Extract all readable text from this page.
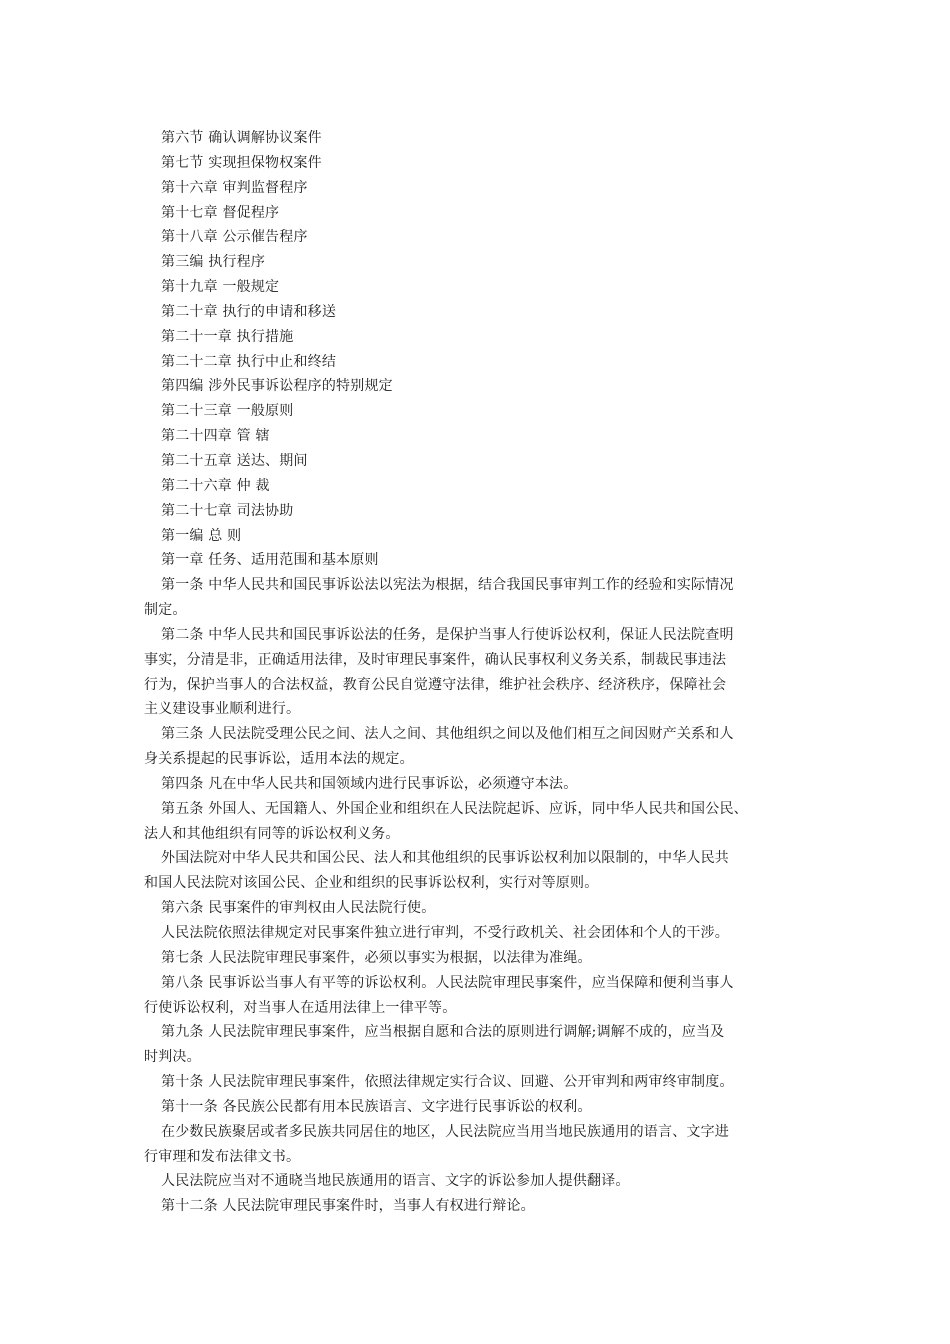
第六节 确认调解协议案件
第七节 实现担保物权案件
第十六章 审判监督程序
第十七章 督促程序
第十八章 公示催告程序
第三编 执行程序
第十九章 一般规定
第二十章 执行的申请和移送
第二十一章 执行措施
第二十二章 执行中止和终结
第四编 涉外民事诉讼程序的特别规定
第二十三章 一般原则
第二十四章 管 辖
第二十五章 送达、期间
第二十六章 仲 裁
第二十七章 司法协助
第一编 总 则
第一章 任务、适用范围和基本原则
第一条 中华人民共和国民事诉讼法以宪法为根据，结合我国民事审判工作的经验和实际情况
制定。
第二条 中华人民共和国民事诉讼法的任务，是保护当事人行使诉讼权利，保证人民法院查明
事实，分清是非，正确适用法律，及时审理民事案件，确认民事权利义务关系，制裁民事违法
行为，保护当事人的合法权益，教育公民自觉遵守法律，维护社会秩序、经济秩序，保障社会
主义建设事业顺利进行。
第三条 人民法院受理公民之间、法人之间、其他组织之间以及他们相互之间因财产关系和人
身关系提起的民事诉讼，适用本法的规定。
第四条 凡在中华人民共和国领域内进行民事诉讼，必须遵守本法。
第五条 外国人、无国籍人、外国企业和组织在人民法院起诉、应诉，同中华人民共和国公民、
法人和其他组织有同等的诉讼权利义务。
外国法院对中华人民共和国公民、法人和其他组织的民事诉讼权利加以限制的，中华人民共
和国人民法院对该国公民、企业和组织的民事诉讼权利，实行对等原则。
第六条 民事案件的审判权由人民法院行使。
人民法院依照法律规定对民事案件独立进行审判，不受行政机关、社会团体和个人的干涉。
第七条 人民法院审理民事案件，必须以事实为根据，以法律为准绳。
第八条 民事诉讼当事人有平等的诉讼权利。人民法院审理民事案件，应当保障和便利当事人
行使诉讼权利，对当事人在适用法律上一律平等。
第九条 人民法院审理民事案件，应当根据自愿和合法的原则进行调解;调解不成的，应当及
时判决。
第十条 人民法院审理民事案件，依照法律规定实行合议、回避、公开审判和两审终审制度。
第十一条 各民族公民都有用本民族语言、文字进行民事诉讼的权利。
在少数民族聚居或者多民族共同居住的地区，人民法院应当用当地民族通用的语言、文字进
行审理和发布法律文书。
人民法院应当对不通晓当地民族通用的语言、文字的诉讼参加人提供翻译。
第十二条 人民法院审理民事案件时，当事人有权进行辩论。
